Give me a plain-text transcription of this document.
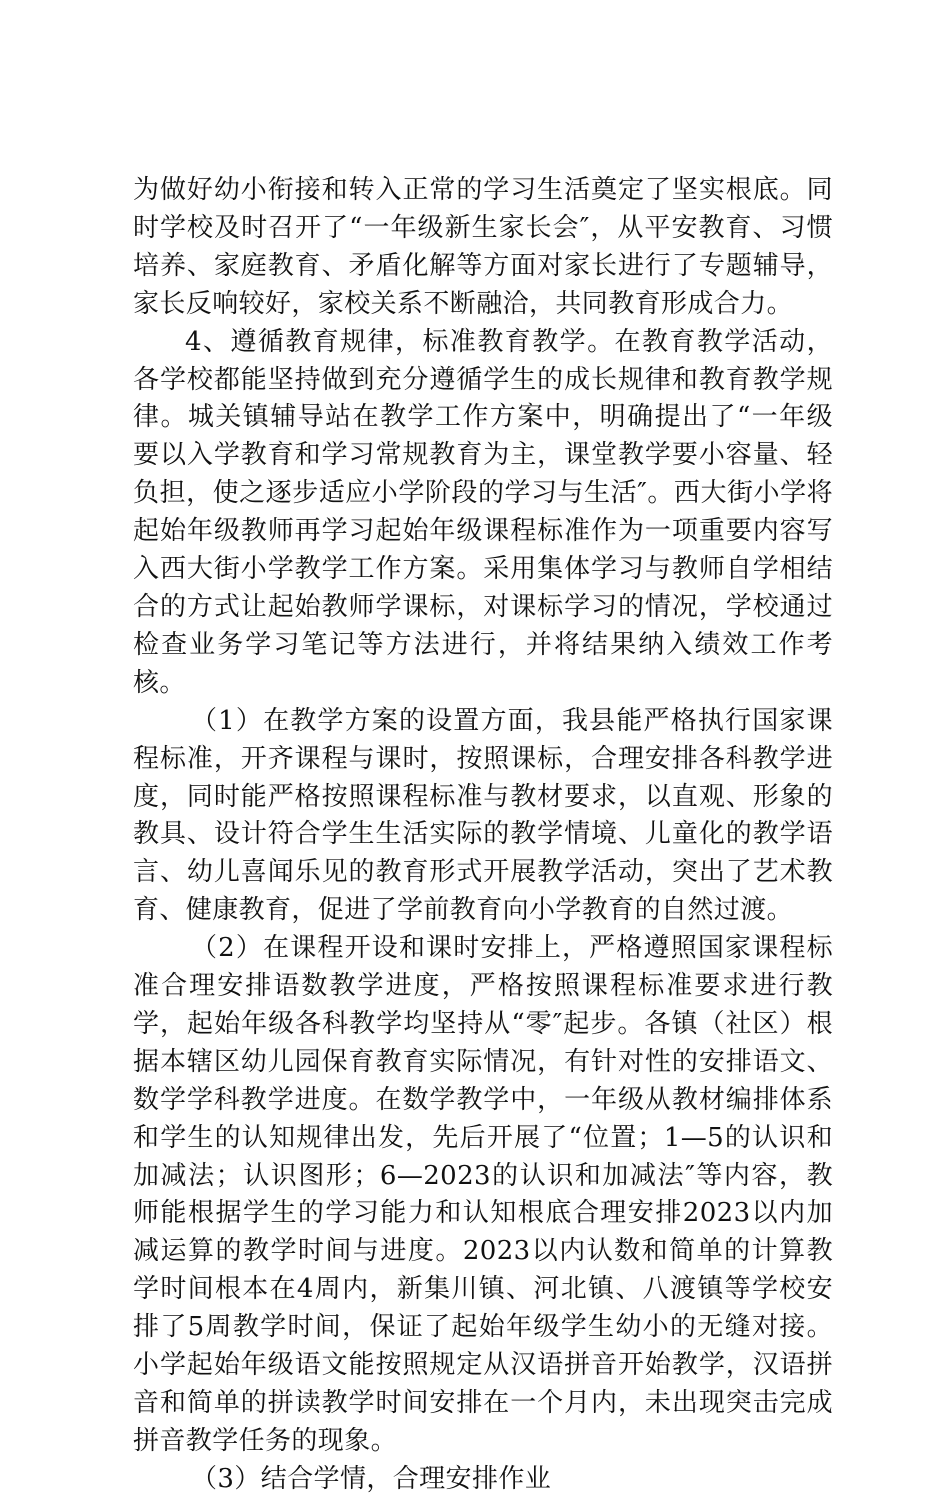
为做好幼小衔接和转入正常的学习生活奠定了坚实根底。同时学校及时召开了“一年级新生家长会″，从平安教育、习惯培养、家庭教育、矛盾化解等方面对家长进行了专题辅导，家长反响较好，家校关系不断融洽，共同教育形成合力。

4、遵循教育规律，标准教育教学。在教育教学活动，各学校都能坚持做到充分遵循学生的成长规律和教育教学规律。城关镇辅导站在教学工作方案中，明确提出了“一年级要以入学教育和学习常规教育为主，课堂教学要小容量、轻负担，使之逐步适应小学阶段的学习与生活″。西大街小学将起始年级教师再学习起始年级课程标准作为一项重要内容写入西大街小学教学工作方案。采用集体学习与教师自学相结合的方式让起始教师学课标，对课标学习的情况，学校通过检查业务学习笔记等方法进行，并将结果纳入绩效工作考核。

（1）在教学方案的设置方面，我县能严格执行国家课程标准，开齐课程与课时，按照课标，合理安排各科教学进度，同时能严格按照课程标准与教材要求，以直观、形象的教具、设计符合学生生活实际的教学情境、儿童化的教学语言、幼儿喜闻乐见的教育形式开展教学活动，突出了艺术教育、健康教育，促进了学前教育向小学教育的自然过渡。

（2）在课程开设和课时安排上，严格遵照国家课程标准合理安排语数教学进度，严格按照课程标准要求进行教学，起始年级各科教学均坚持从“零″起步。各镇（社区）根据本辖区幼儿园保育教育实际情况，有针对性的安排语文、数学学科教学进度。在数学教学中，一年级从教材编排体系和学生的认知规律出发，先后开展了“位置；1—5的认识和加减法；认识图形；6—2023的认识和加减法″等内容，教师能根据学生的学习能力和认知根底合理安排2023以内加减运算的教学时间与进度。2023以内认数和简单的计算教学时间根本在4周内，新集川镇、河北镇、八渡镇等学校安排了5周教学时间，保证了起始年级学生幼小的无缝对接。小学起始年级语文能按照规定从汉语拼音开始教学，汉语拼音和简单的拼读教学时间安排在一个月内，未出现突击完成拼音教学任务的现象。

（3）结合学情，合理安排作业
